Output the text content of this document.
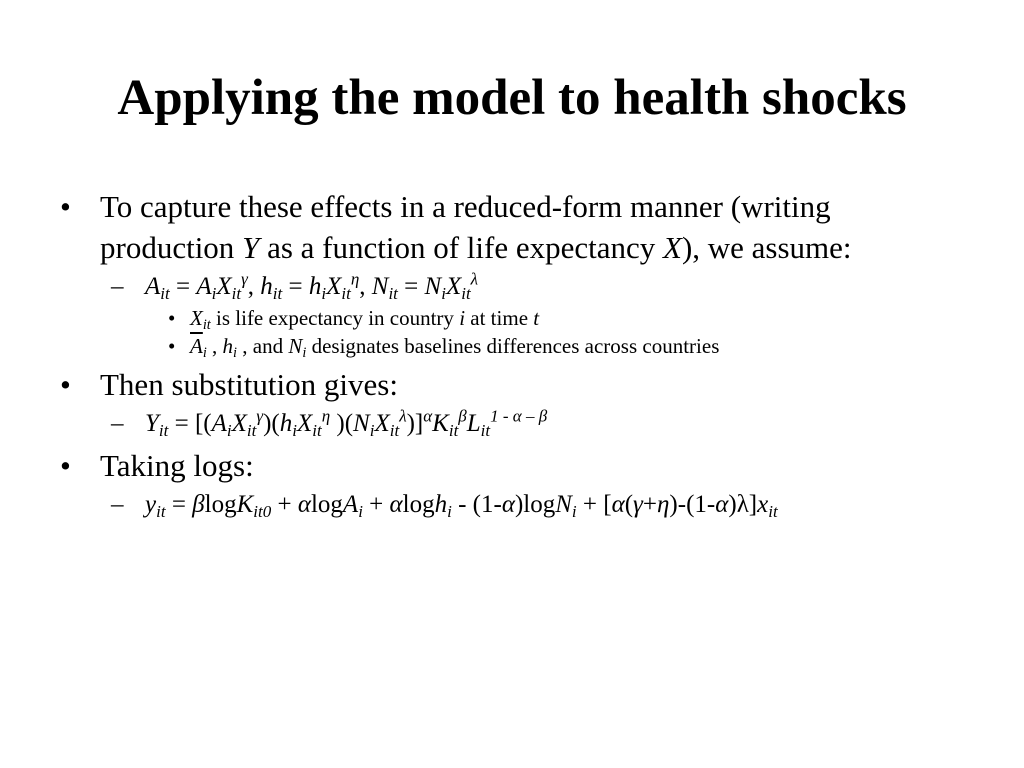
Applying the model to health shocks
• To capture these effects in a reduced-form manner (writing production Y as a function of life expectancy X), we assume:
– $A_{it} = A_iX_{it}^\gamma$, $h_{it} = h_iX_{it}^\eta$, $N_{it} = N_iX_{it}^\lambda$
• $X_{it}$ is life expectancy in country i at time t
• $\overline{A}_i$ , $h_i$ , and $N_i$ designates baselines differences across countries
• Then substitution gives:
– $Y_{it} = [(A_iX_{it}^\gamma)(h_iX_{it}^\eta$ )$(N_iX_{it}^\lambda)]^\alpha K_{it}^\beta L_{it}^{1 - \alpha - \beta}$
• Taking logs:
– $y_{it} = \beta\log K_{it0} + \alpha\log A_i + \alpha\log h_i - (1-\alpha)\log N_i + [\alpha(\gamma+\eta)-(1-\alpha)\lambda]x_{it}$
